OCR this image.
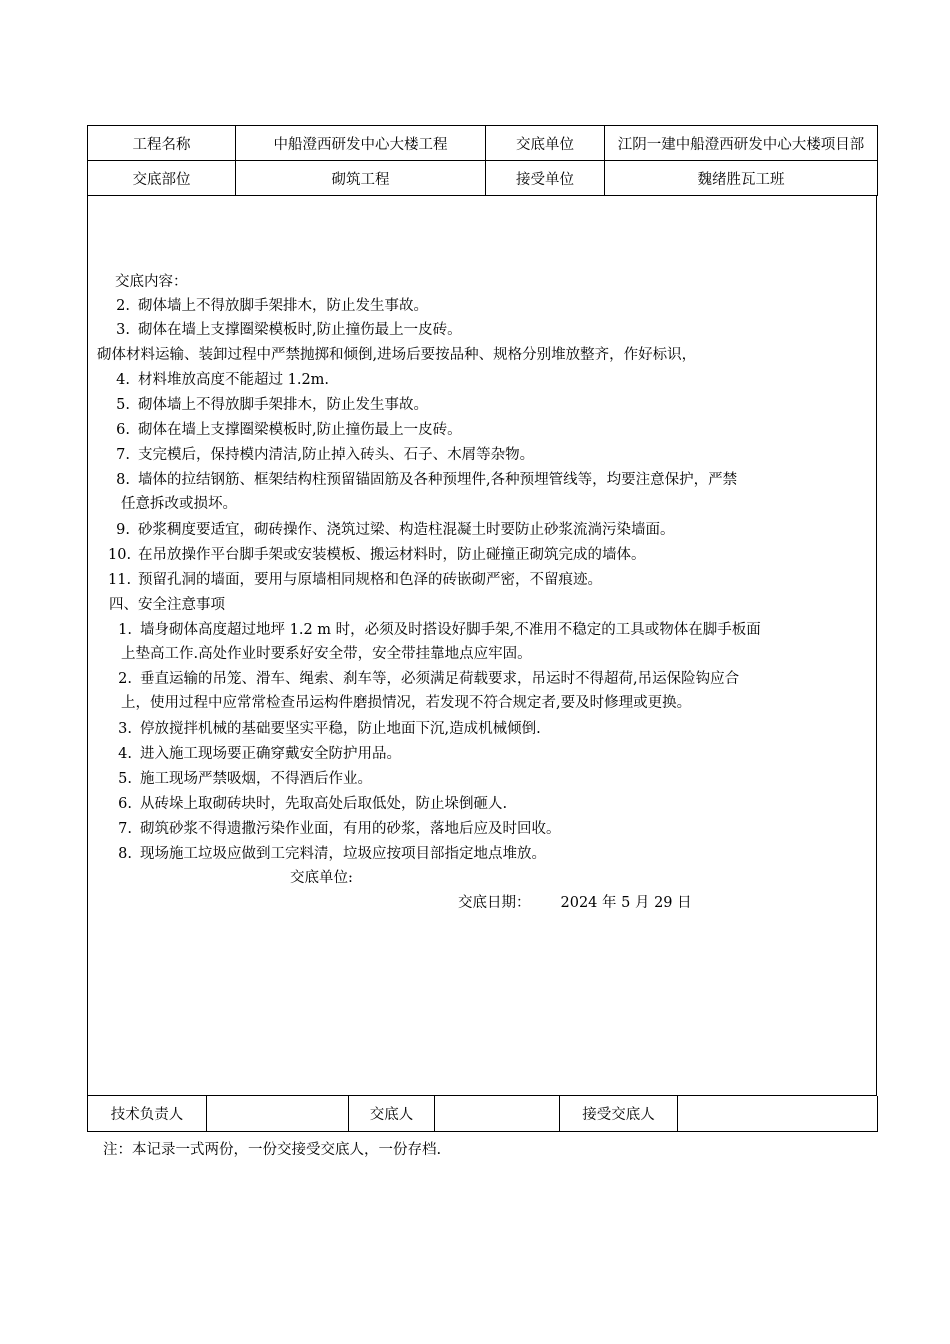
工程名称	中船澄西研发中心大楼工程	交底单位	江阴一建中船澄西研发中心大楼项目部
交底部位	砌筑工程	接受单位	魏绪胜瓦工班
交底内容：
2. 砌体墙上不得放脚手架排木，防止发生事故。
3. 砌体在墙上支撑圈梁模板时,防止撞伤最上一皮砖。
砌体材料运输、装卸过程中严禁抛掷和倾倒,进场后要按品种、规格分别堆放整齐，作好标识，
4. 材料堆放高度不能超过 1.2m.
5. 砌体墙上不得放脚手架排木，防止发生事故。
6. 砌体在墙上支撑圈梁模板时,防止撞伤最上一皮砖。
7. 支完模后，保持模内清洁,防止掉入砖头、石子、木屑等杂物。
8. 墙体的拉结钢筋、框架结构柱预留锚固筋及各种预埋件,各种预埋管线等，均要注意保护，严禁
任意拆改或损坏。
9. 砂浆稠度要适宜，砌砖操作、浇筑过梁、构造柱混凝土时要防止砂浆流淌污染墙面。
10. 在吊放操作平台脚手架或安装模板、搬运材料时，防止碰撞正砌筑完成的墙体。
11. 预留孔洞的墙面，要用与原墙相同规格和色泽的砖嵌砌严密，不留痕迹。
四、安全注意事项
1. 墙身砌体高度超过地坪 1.2 m 时，必须及时搭设好脚手架,不准用不稳定的工具或物体在脚手板面
上垫高工作.高处作业时要系好安全带，安全带挂靠地点应牢固。
2. 垂直运输的吊笼、滑车、绳索、刹车等，必须满足荷载要求，吊运时不得超荷,吊运保险钩应合
上，使用过程中应常常检查吊运构件磨损情况，若发现不符合规定者,要及时修理或更换。
3. 停放搅拌机械的基础要坚实平稳，防止地面下沉,造成机械倾倒.
4. 进入施工现场要正确穿戴安全防护用品。
5. 施工现场严禁吸烟，不得酒后作业。
6. 从砖垛上取砌砖块时，先取高处后取低处，防止垛倒砸人.
7. 砌筑砂浆不得遗撒污染作业面，有用的砂浆，落地后应及时回收。
8. 现场施工垃圾应做到工完料清，垃圾应按项目部指定地点堆放。
交底单位:
交底日期： 2024 年 5 月 29 日
技术负责人		交底人		接受交底人	
注：本记录一式两份，一份交接受交底人，一份存档.
